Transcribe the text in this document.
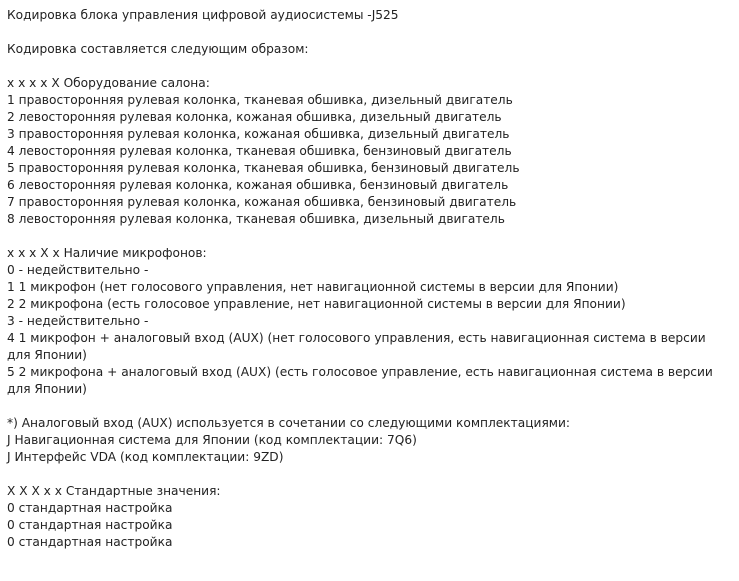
Кодировка блока управления цифровой аудиосистемы -J525
Кодировка составляется следующим образом:
x x x x X Оборудование салона:
1 правосторонняя рулевая колонка, тканевая обшивка, дизельный двигатель
2 левосторонняя рулевая колонка, кожаная обшивка, дизельный двигатель
3 правосторонняя рулевая колонка, кожаная обшивка, дизельный двигатель
4 левосторонняя рулевая колонка, тканевая обшивка, бензиновый двигатель
5 правосторонняя рулевая колонка, тканевая обшивка, бензиновый двигатель
6 левосторонняя рулевая колонка, кожаная обшивка, бензиновый двигатель
7 правосторонняя рулевая колонка, кожаная обшивка, бензиновый двигатель
8 левосторонняя рулевая колонка, тканевая обшивка, дизельный двигатель
x x x X x Наличие микрофонов:
0 - недействительно -
1 1 микрофон (нет голосового управления, нет навигационной системы в версии для Японии)
2 2 микрофона (есть голосовое управление, нет навигационной системы в версии для Японии)
3 - недействительно -
4 1 микрофон + аналоговый вход (AUX) (нет голосового управления, есть навигационная система в версии для Японии)
5 2 микрофона + аналоговый вход (AUX) (есть голосовое управление, есть навигационная система в версии для Японии)
*) Аналоговый вход (AUX) используется в сочетании со следующими комплектациями:
J Навигационная система для Японии (код комплектации: 7Q6)
J Интерфейс VDA (код комплектации: 9ZD)
X X X x x Стандартные значения:
0 стандартная настройка
0 стандартная настройка
0 стандартная настройка
